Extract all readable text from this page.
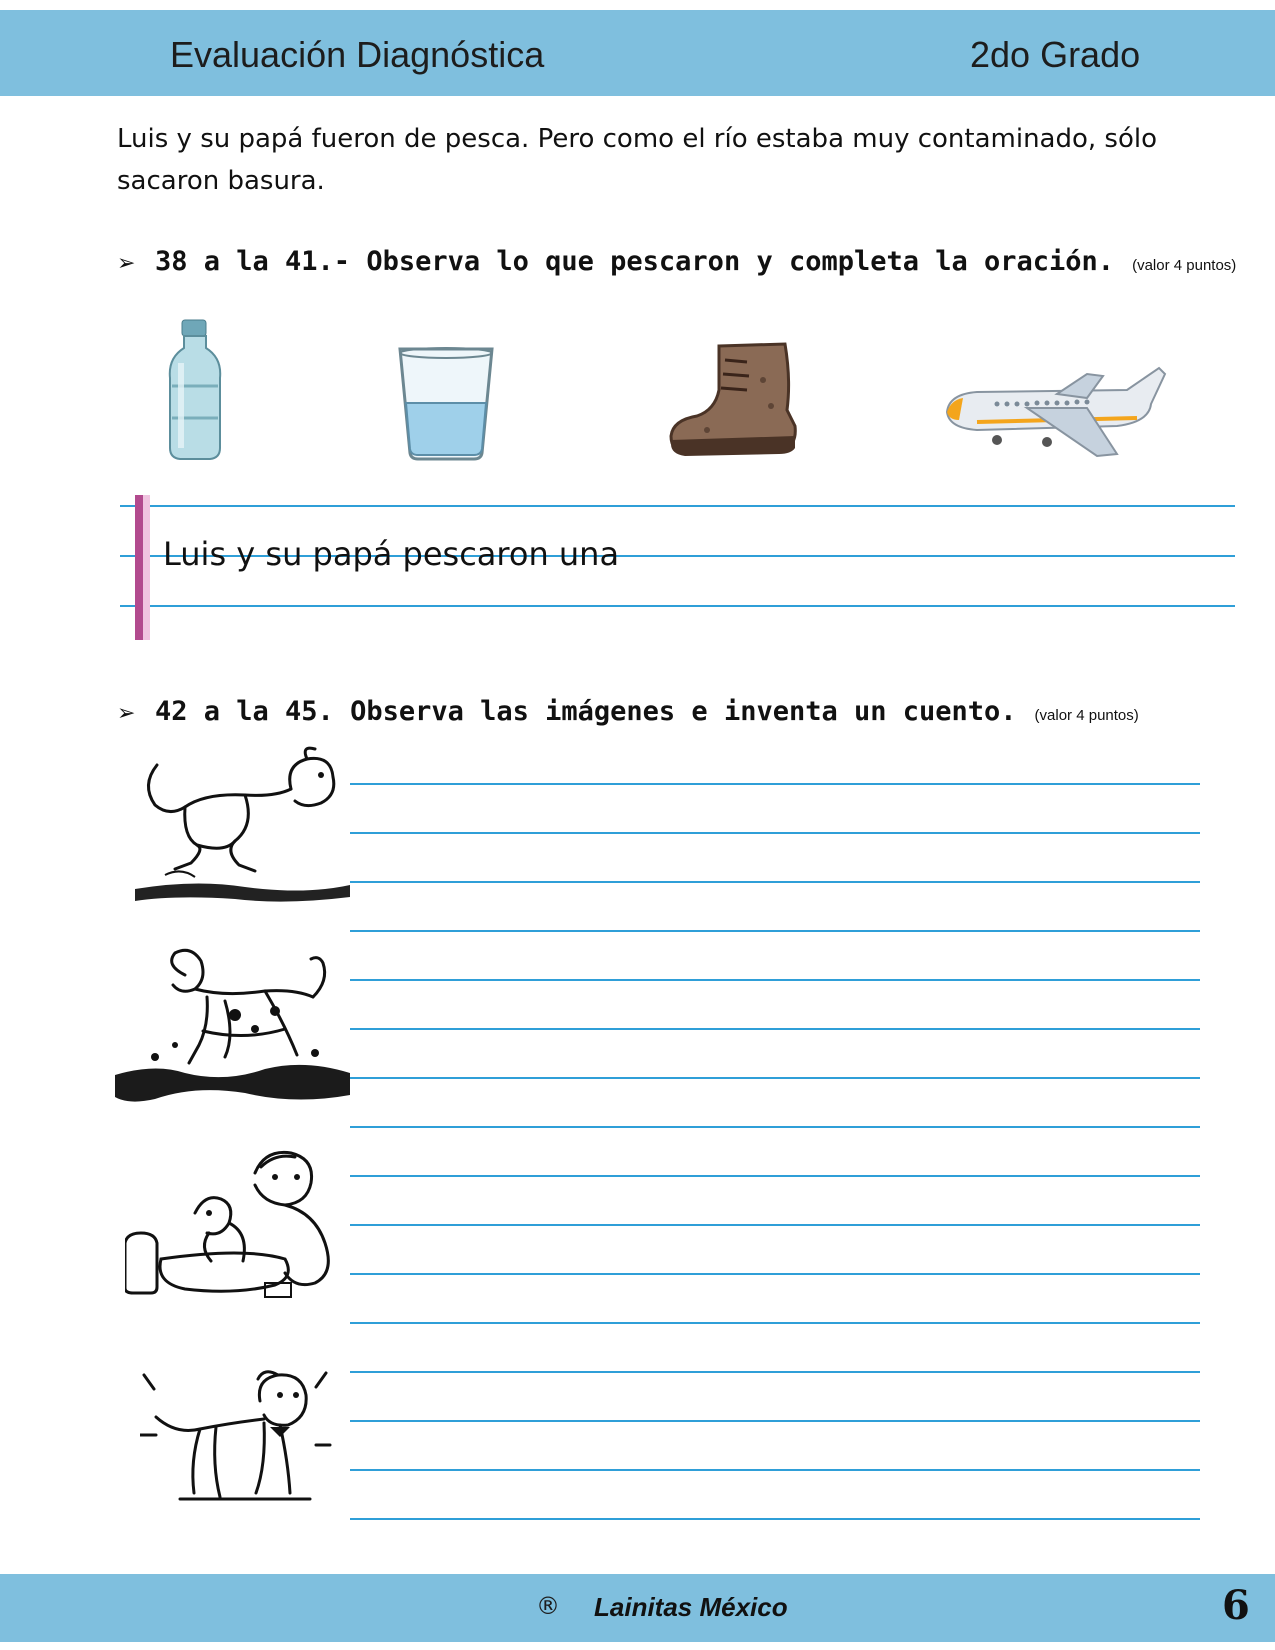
Evaluación Diagnóstica	2do Grado
Luis y su papá fueron de pesca. Pero como el río estaba muy contaminado, sólo sacaron basura.
➢ 38 a la 41.- Observa lo que pescaron y completa la oración. (valor 4 puntos)
Luis y su papá pescaron una
➢ 42 a la 45. Observa las imágenes e inventa un cuento. (valor 4 puntos)
® Lainitas México	6
